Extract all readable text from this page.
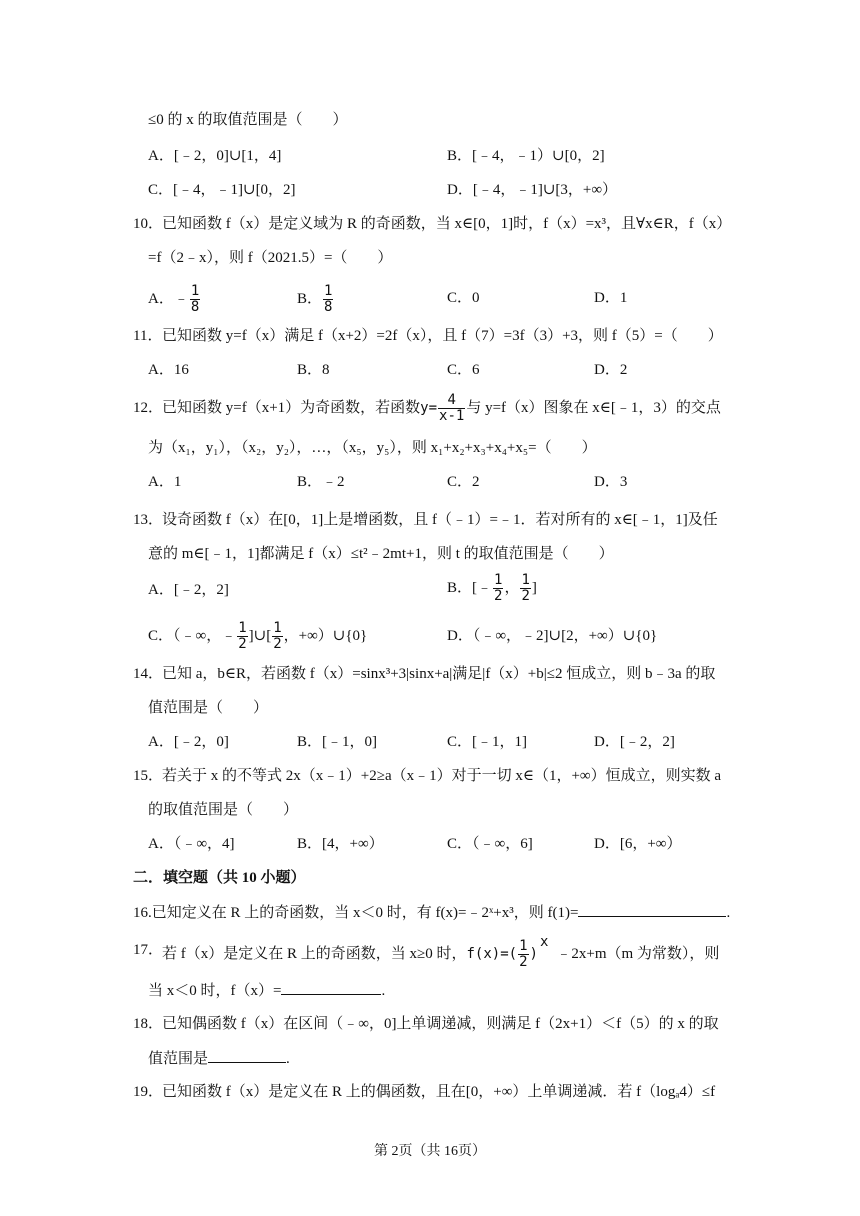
≤0 的 x 的取值范围是（　　）
A．[﹣2，0]∪[1，4]	B．[﹣4，﹣1）∪[0，2]
C．[﹣4，﹣1]∪[0，2]	D．[﹣4，﹣1]∪[3，+∞）
10．
已知函数 f（x）是定义域为 R 的奇函数，当 x∈[0，1]时，f（x）=x³，且∀x∈R，f（x）
=f（2﹣x），则 f（2021.5）=（　　）
A．﹣ $\frac{1}{8}$	B． $\frac{1}{8}$	C．0	D．1
11． 已知函数 y=f（x）满足 f（x+2）=2f（x），且 f（7）=3f（3）+3，则 f（5）=（　　）
A．16	B．8	C．6	D．2
12．
已知函数 y=f（x+1）为奇函数，若函数$y= \frac{4}{x-1}$ 与 y=f（x）图象在 x∈[﹣1，3）的交点
为（x₁，y₁），（x₂，y₂），…，（x₅，y₅），则 x₁+x₂+x₃+x₄+x₅=（　　）
A．1	B．﹣2	C．2	D．3
13．
设奇函数 f（x）在[0，1]上是增函数，且 f（﹣1）=﹣1．若对所有的 x∈[﹣1，1]及任
意的 m∈[﹣1，1]都满足 f（x）≤t²﹣2mt+1，则 t 的取值范围是（　　）
A．[﹣2，2]	B．[﹣ $\frac{1}{2}$ ， $\frac{1}{2}$ ]
C．（﹣∞，﹣ $\frac{1}{2}$ ]∪[ $\frac{1}{2}$ ，+∞）∪{0}	D．（﹣∞，﹣2]∪[2，+∞）∪{0}
14．
已知 a，b∈R，若函数 f（x）=sinx³+3|sinx+a|满足|f（x）+b|≤2 恒成立，则 b﹣3a 的取
值范围是（　　）
A．[﹣2，0]	B．[﹣1，0]	C．[﹣1，1]	D．[﹣2，2]
15．
若关于 x 的不等式 2x（x﹣1）+2≥a（x﹣1）对于一切 x∈（1，+∞）恒成立，则实数 a
的取值范围是（　　）
A．（﹣∞，4]	B．[4，+∞）	C．（﹣∞，6]	D．[6，+∞）
二．填空题（共 10 小题）
16.已知定义在 R 上的奇函数，当 x＜0 时，有 f(x)=﹣2ˣ+x³，则 f(1)=	.
17．
若 f（x）是定义在 R 上的奇函数，当 x≥0 时，$f(x)=( \frac{1}{2}$ )$^x﹣2x+m(m$ 为常数），则
当 x＜0 时，f（x）=	.
18．
已知偶函数 f（x）在区间（﹣∞，0]上单调递减，则满足 f（2x+1）＜f（5）的 x 的取
值范围是	.
19．
已知函数 f（x）是定义在 R 上的偶函数，且在[0，+∞）上单调递减．若 f（logₐ4）≤f
第 2页（共 16页）
